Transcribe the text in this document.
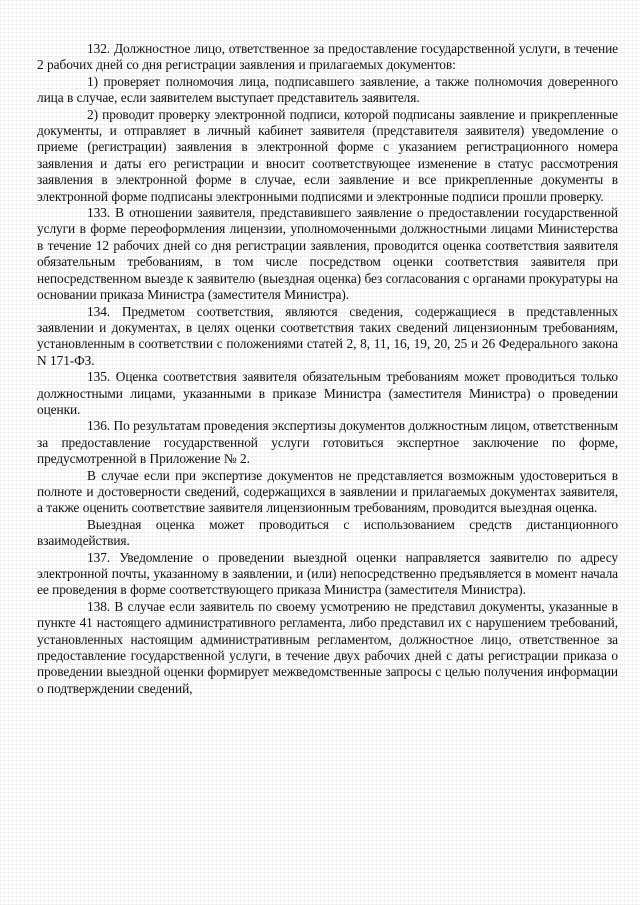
132. Должностное лицо, ответственное за предоставление государственной услуги, в течение 2 рабочих дней со дня регистрации заявления и прилагаемых документов:

1) проверяет полномочия лица, подписавшего заявление, а также полномочия доверенного лица в случае, если заявителем выступает представитель заявителя.

2) проводит проверку электронной подписи, которой подписаны заявление и прикрепленные документы, и отправляет в личный кабинет заявителя (представителя заявителя) уведомление о приеме (регистрации) заявления в электронной форме с указанием регистрационного номера заявления и даты его регистрации и вносит соответствующее изменение в статус рассмотрения заявления в электронной форме в случае, если заявление и все прикрепленные документы в электронной форме подписаны электронными подписями и электронные подписи прошли проверку.

133. В отношении заявителя, представившего заявление о предоставлении государственной услуги в форме переоформления лицензии, уполномоченными должностными лицами Министерства в течение 12 рабочих дней со дня регистрации заявления, проводится оценка соответствия заявителя обязательным требованиям, в том числе посредством оценки соответствия заявителя при непосредственном выезде к заявителю (выездная оценка) без согласования с органами прокуратуры на основании приказа Министра (заместителя Министра).

134. Предметом соответствия, являются сведения, содержащиеся в представленных заявлении и документах, в целях оценки соответствия таких сведений лицензионным требованиям, установленным в соответствии с положениями статей 2, 8, 11, 16, 19, 20, 25 и 26 Федерального закона N 171-ФЗ.

135. Оценка соответствия заявителя обязательным требованиям может проводиться только должностными лицами, указанными в приказе Министра (заместителя Министра) о проведении оценки.

136. По результатам проведения экспертизы документов должностным лицом, ответственным за предоставление государственной услуги готовиться экспертное заключение по форме, предусмотренной в Приложение № 2.

В случае если при экспертизе документов не представляется возможным удостовериться в полноте и достоверности сведений, содержащихся в заявлении и прилагаемых документах заявителя, а также оценить соответствие заявителя лицензионным требованиям, проводится выездная оценка.

Выездная оценка может проводиться с использованием средств дистанционного взаимодействия.

137. Уведомление о проведении выездной оценки направляется заявителю по адресу электронной почты, указанному в заявлении, и (или) непосредственно предъявляется в момент начала ее проведения в форме соответствующего приказа Министра (заместителя Министра).

138. В случае если заявитель по своему усмотрению не представил документы, указанные в пункте 41 настоящего административного регламента, либо представил их с нарушением требований, установленных настоящим административным регламентом, должностное лицо, ответственное за предоставление государственной услуги, в течение двух рабочих дней с даты регистрации приказа о проведении выездной оценки формирует межведомственные запросы с целью получения информации о подтверждении сведений,
